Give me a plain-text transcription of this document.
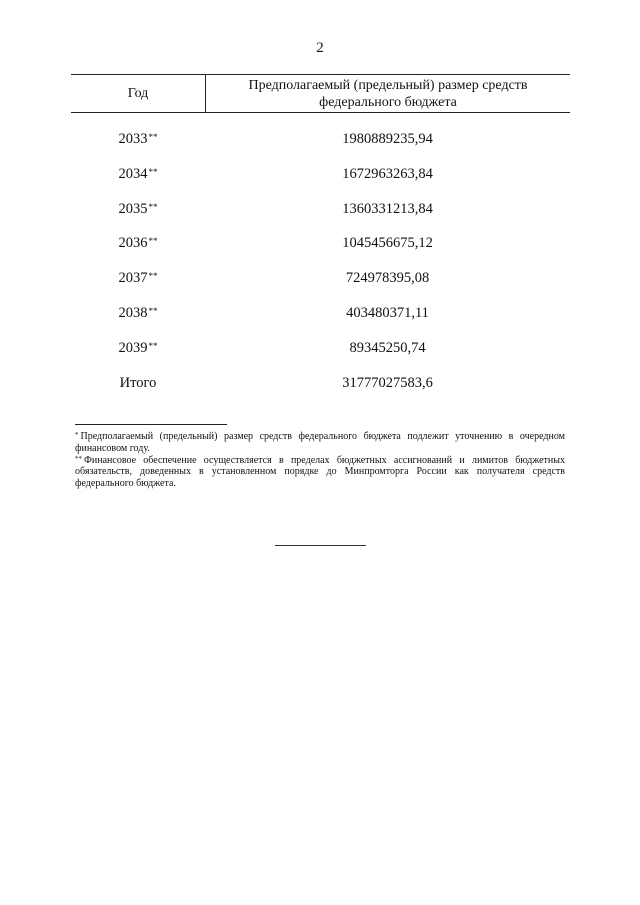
2
Год
Предполагаемый (предельный) размер средств
федерального бюджета
2033**	1980889235,94
2034**	1672963263,84
2035**	1360331213,84
2036**	1045456675,12
2037**	724978395,08
2038**	403480371,11
2039**	89345250,74
Итого	31777027583,6

* Предполагаемый (предельный) размер средств федерального бюджета подлежит уточнению в очередном финансовом году.

** Финансовое обеспечение осуществляется в пределах бюджетных ассигнований и лимитов бюджетных обязательств, доведенных в установленном порядке до Минпромторга России как получателя средств федерального бюджета.
